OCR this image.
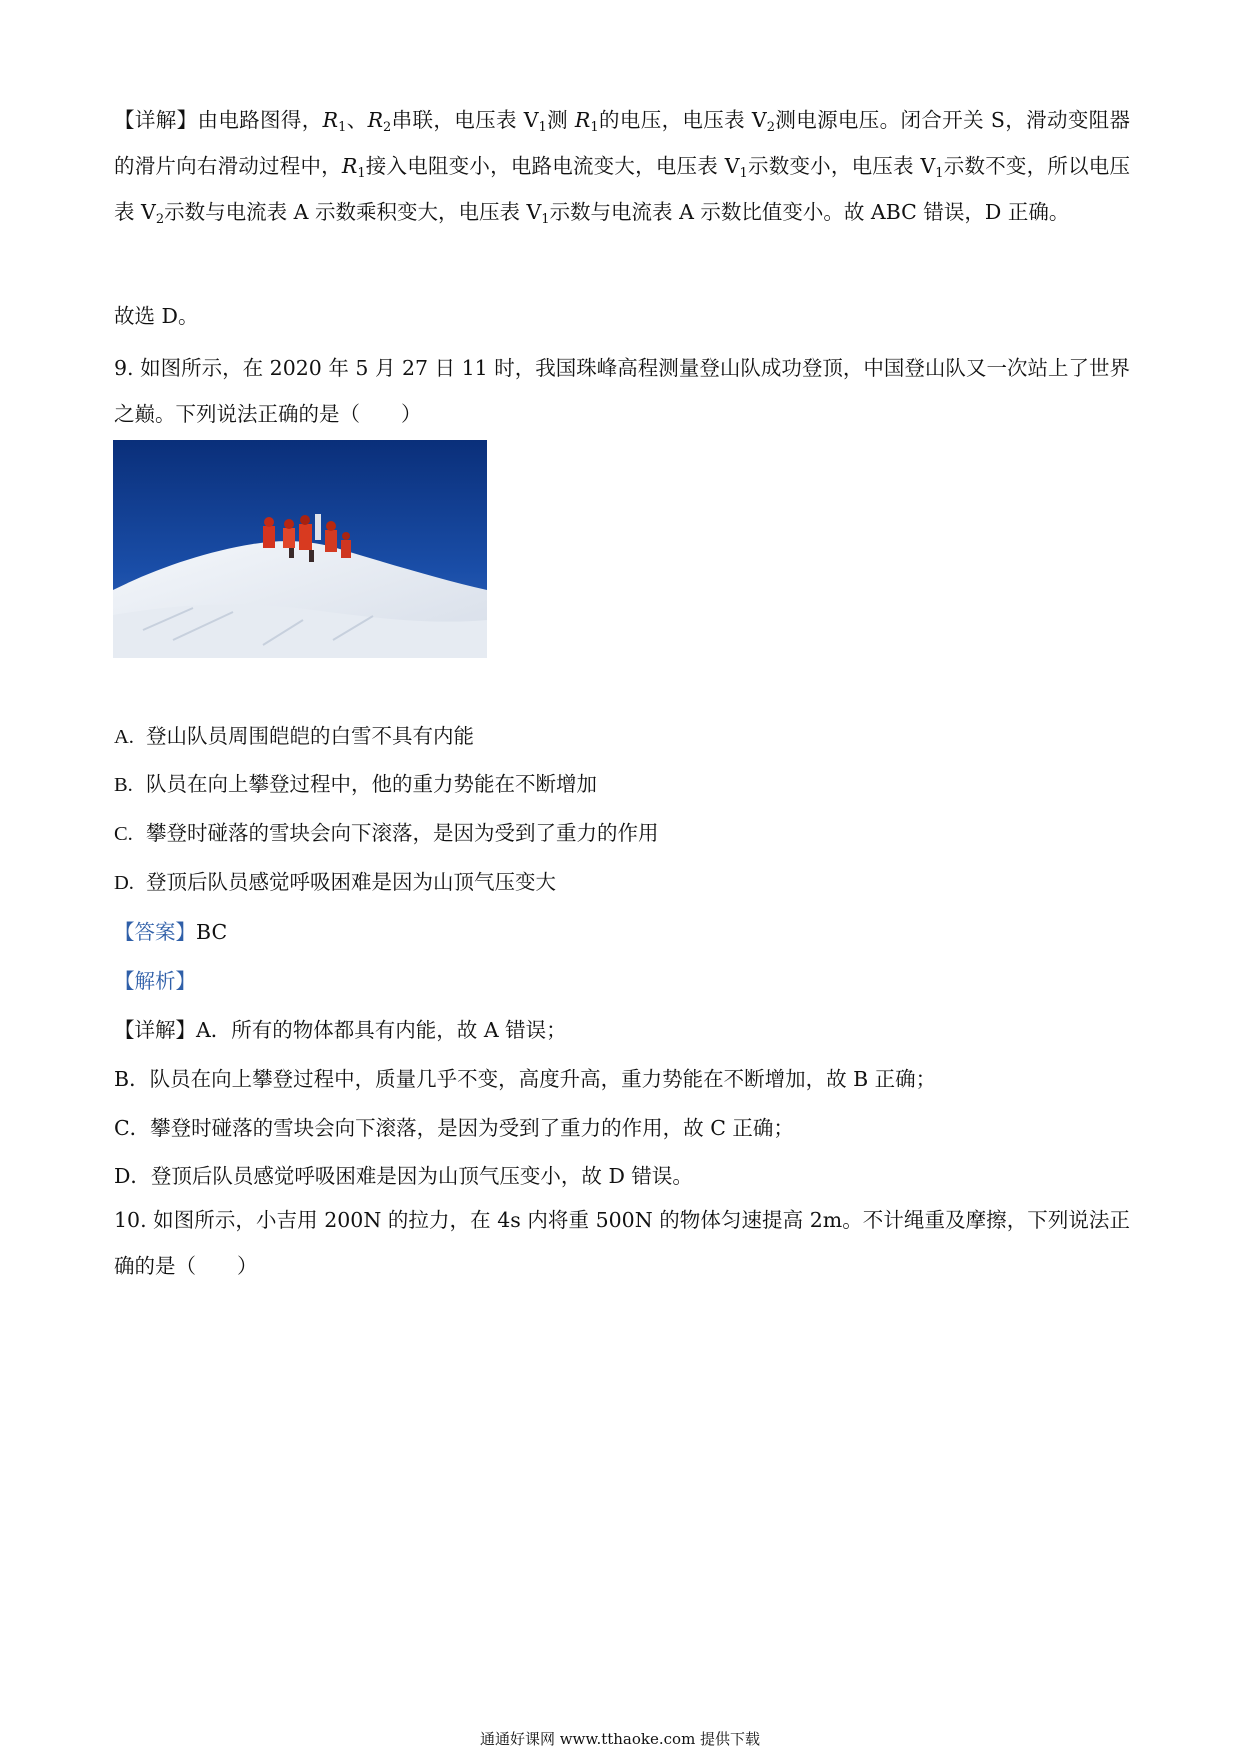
【详解】由电路图得，$R_1$、$R_2$串联，电压表 $V_1$测 $R_1$的电压，电压表 $V_2$测电源电压。闭合开关 S，滑动变阻器的滑片向右滑动过程中，$R_1$接入电阻变小，电路电流变大，电压表 $V_1$示数变小，电压表 $V_1$示数不变，所以电压表 $V_2$示数与电流表 A 示数乘积变大，电压表 $V_1$示数与电流表 A 示数比值变小。故 ABC 错误，D 正确。

故选 D。

9. 如图所示，在 2020 年 5 月 27 日 11 时，我国珠峰高程测量登山队成功登顶，中国登山队又一次站上了世界之巅。下列说法正确的是（　　）

A. 登山队员周围皑皑的白雪不具有内能
B. 队员在向上攀登过程中，他的重力势能在不断增加
C. 攀登时碰落的雪块会向下滚落，是因为受到了重力的作用
D. 登顶后队员感觉呼吸困难是因为山顶气压变大

【答案】BC

【解析】

【详解】A．所有的物体都具有内能，故 A 错误；

B．队员在向上攀登过程中，质量几乎不变，高度升高，重力势能在不断增加，故 B 正确；

C．攀登时碰落的雪块会向下滚落，是因为受到了重力的作用，故 C 正确；

D．登顶后队员感觉呼吸困难是因为山顶气压变小，故 D 错误。

10. 如图所示，小吉用 200N 的拉力，在 4s 内将重 500N 的物体匀速提高 2m。不计绳重及摩擦，下列说法正确的是（　　）

通通好课网 www.tthaoke.com 提供下载
